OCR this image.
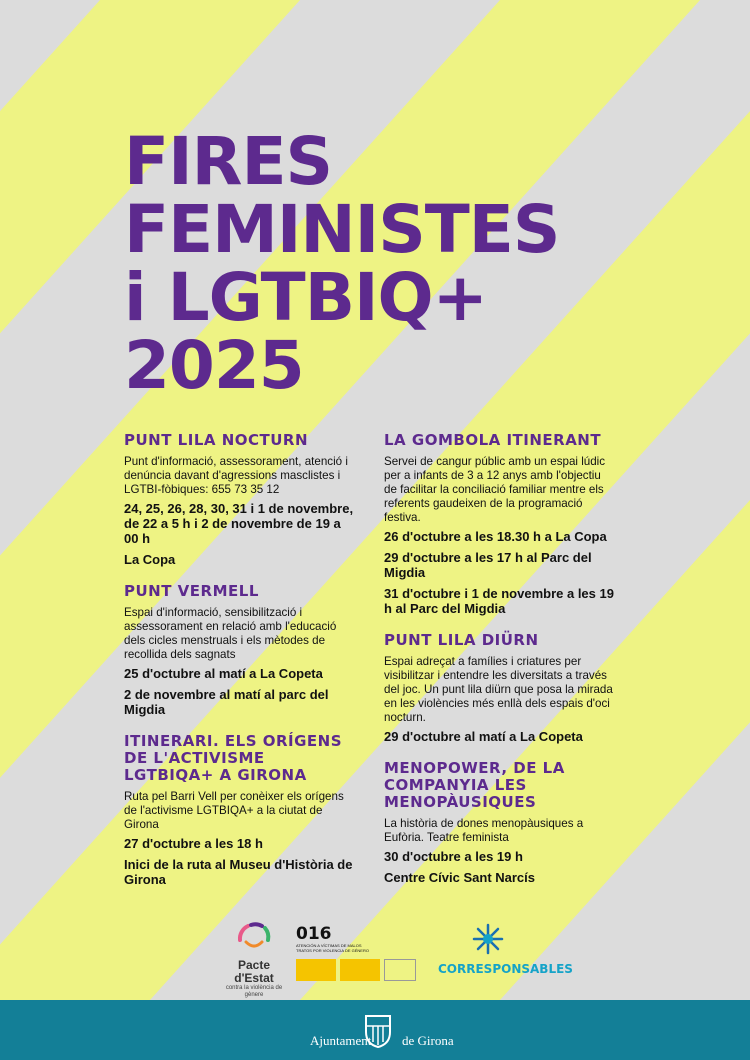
FIRES
FEMINISTES
i LGTBIQ+
2025
PUNT LILA NOCTURN

Punt d'informació, assessorament, atenció i denúncia davant d'agressions masclistes i LGTBI-fòbiques: 655 73 35 12

24, 25, 26, 28, 30, 31 i 1 de novembre, de 22 a 5 h i 2 de novembre de 19 a 00 h

La Copa

PUNT VERMELL

Espai d'informació, sensibilització i assessorament en relació amb l'educació dels cicles menstruals i els mètodes de recollida dels sagnats

25 d'octubre al matí a La Copeta

2 de novembre al matí al parc del Migdia

ITINERARI. ELS ORÍGENS DE L'ACTIVISME LGTBIQA+ A GIRONA

Ruta pel Barri Vell per conèixer els orígens de l'activisme LGTBIQA+ a la ciutat de Girona

27 d'octubre a les 18 h

Inici de la ruta al Museu d'Història de Girona

LA GOMBOLA ITINERANT

Servei de cangur públic amb un espai lúdic per a infants de 3 a 12 anys amb l'objectiu de facilitar la conciliació familiar mentre els referents gaudeixen de la programació festiva.

26 d'octubre a les 18.30 h a La Copa

29 d'octubre a les 17 h al Parc del Migdia

31 d'octubre i 1 de novembre a les 19 h al Parc del Migdia

PUNT LILA DIÜRN

Espai adreçat a famílies i criatures per visibilitzar i entendre les diversitats a través del joc. Un punt lila diürn que posa la mirada en les violències més enllà dels espais d'oci nocturn.

29 d'octubre al matí a La Copeta

MENOPOWER, DE LA COMPANYIA LES MENOPÀUSIQUES

La història de dones menopàusiques a Eufòria. Teatre feminista

30 d'octubre a les 19 h

Centre Cívic Sant Narcís

Pacte d'Estat
contra la violència de gènere
016
ATENCIÓN A VÍCTIMAS DE MALOS TRATOS POR VIOLENCIA DE GÉNERO
CORRESPONSABLES
Ajuntament de Girona
